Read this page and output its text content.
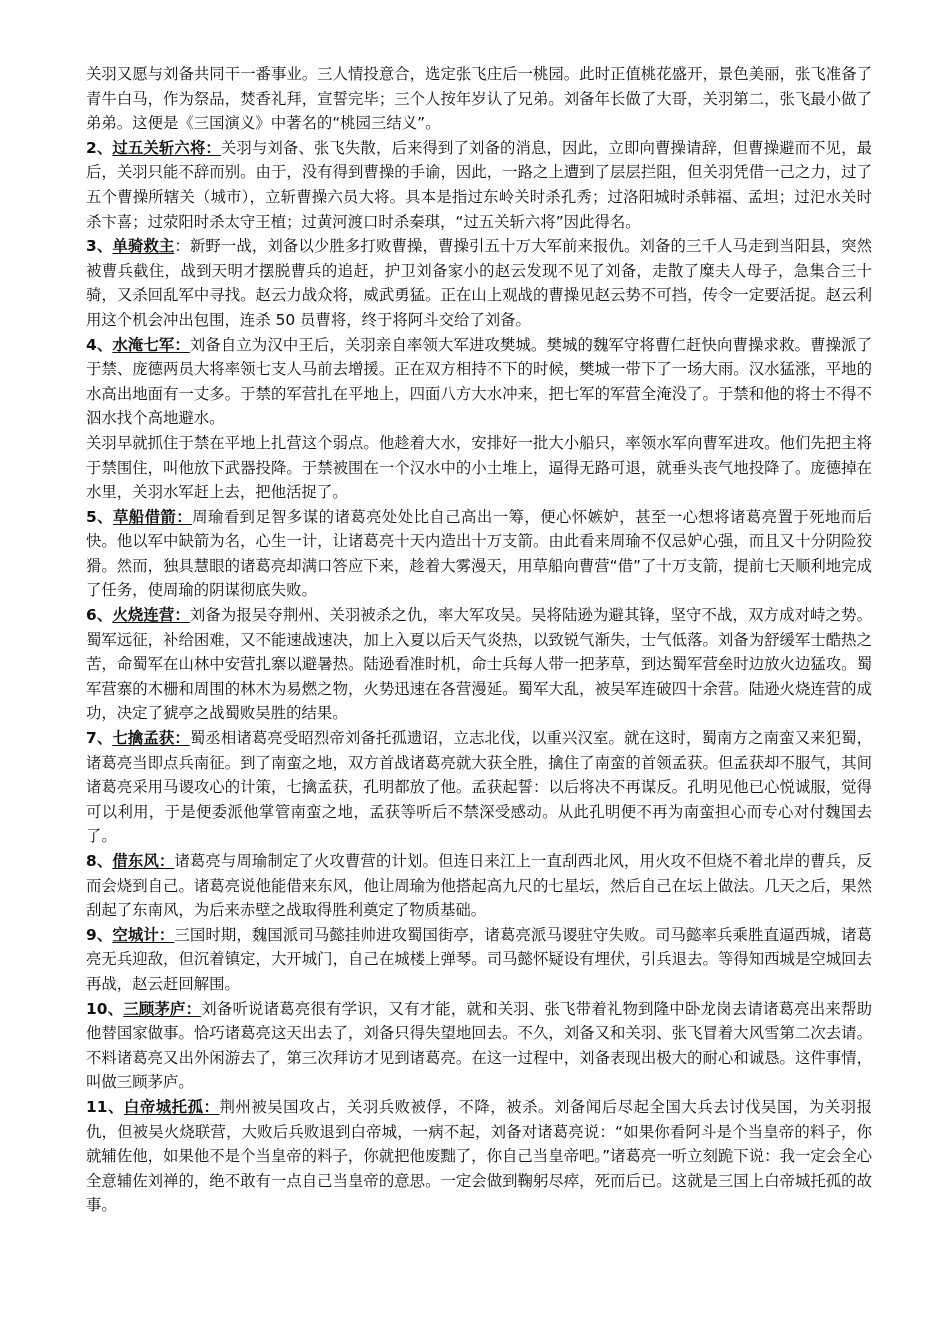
关羽又愿与刘备共同干一番事业。三人情投意合，选定张飞庄后一桃园。此时正值桃花盛开，景色美丽，张飞准备了青牛白马，作为祭品，焚香礼拜，宣誓完毕；三个人按年岁认了兄弟。刘备年长做了大哥，关羽第二，张飞最小做了弟弟。这便是《三国演义》中著名的“桃园三结义”。

2、过五关斩六将：关羽与刘备、张飞失散，后来得到了刘备的消息，因此，立即向曹操请辞，但曹操避而不见，最后，关羽只能不辞而别。由于，没有得到曹操的手谕，因此，一路之上遭到了层层拦阻，但关羽凭借一己之力，过了五个曹操所辖关（城市），立斩曹操六员大将。具本是指过东岭关时杀孔秀；过洛阳城时杀韩福、孟坦；过汜水关时杀卞喜；过荥阳时杀太守王植；过黄河渡口时杀秦琪，“过五关斩六将”因此得名。

3、单骑救主：新野一战，刘备以少胜多打败曹操，曹操引五十万大军前来报仇。刘备的三千人马走到当阳县，突然被曹兵截住，战到天明才摆脱曹兵的追赶，护卫刘备家小的赵云发现不见了刘备，走散了糜夫人母子，急集合三十骑，又杀回乱军中寻找。赵云力战众将，威武勇猛。正在山上观战的曹操见赵云势不可挡，传令一定要活捉。赵云利用这个机会冲出包围，连杀 50 员曹将，终于将阿斗交给了刘备。

4、水淹七军：刘备自立为汉中王后，关羽亲自率领大军进攻樊城。樊城的魏军守将曹仁赶快向曹操求救。曹操派了于禁、庞德两员大将率领七支人马前去增援。正在双方相持不下的时候，樊城一带下了一场大雨。汉水猛涨，平地的水高出地面有一丈多。于禁的军营扎在平地上，四面八方大水冲来，把七军的军营全淹没了。于禁和他的将士不得不泅水找个高地避水。

关羽早就抓住于禁在平地上扎营这个弱点。他趁着大水，安排好一批大小船只，率领水军向曹军进攻。他们先把主将于禁围住，叫他放下武器投降。于禁被围在一个汉水中的小土堆上，逼得无路可退，就垂头丧气地投降了。庞德掉在水里，关羽水军赶上去，把他活捉了。

5、草船借箭：周瑜看到足智多谋的诸葛亮处处比自己高出一筹，便心怀嫉妒，甚至一心想将诸葛亮置于死地而后快。他以军中缺箭为名，心生一计，让诸葛亮十天内造出十万支箭。由此看来周瑜不仅忌妒心强，而且又十分阴险狡猾。然而，独具慧眼的诸葛亮却满口答应下来，趁着大雾漫天，用草船向曹营“借”了十万支箭，提前七天顺利地完成了任务，使周瑜的阴谋彻底失败。

6、火烧连营：刘备为报吴夺荆州、关羽被杀之仇，率大军攻吴。吴将陆逊为避其锋，坚守不战，双方成对峙之势。蜀军远征，补给困难，又不能速战速决，加上入夏以后天气炎热，以致锐气渐失，士气低落。刘备为舒缓军士酷热之苦，命蜀军在山林中安营扎寨以避暑热。陆逊看准时机，命士兵每人带一把茅草，到达蜀军营垒时边放火边猛攻。蜀军营寨的木栅和周围的林木为易燃之物，火势迅速在各营漫延。蜀军大乱，被吴军连破四十余营。陆逊火烧连营的成功，决定了猇亭之战蜀败吴胜的结果。

7、七擒孟获：蜀丞相诸葛亮受昭烈帝刘备托孤遗诏，立志北伐，以重兴汉室。就在这时，蜀南方之南蛮又来犯蜀，诸葛亮当即点兵南征。到了南蛮之地，双方首战诸葛亮就大获全胜，擒住了南蛮的首领孟获。但孟获却不服气，其间诸葛亮采用马谡攻心的计策，七擒孟获，孔明都放了他。孟获起誓：以后将决不再谋反。孔明见他已心悦诚服，觉得可以利用，于是便委派他掌管南蛮之地，孟获等听后不禁深受感动。从此孔明便不再为南蛮担心而专心对付魏国去了。

8、借东风：诸葛亮与周瑜制定了火攻曹营的计划。但连日来江上一直刮西北风，用火攻不但烧不着北岸的曹兵，反而会烧到自己。诸葛亮说他能借来东风，他让周瑜为他搭起高九尺的七星坛，然后自己在坛上做法。几天之后，果然刮起了东南风，为后来赤壁之战取得胜利奠定了物质基础。

9、空城计：三国时期，魏国派司马懿挂帅进攻蜀国街亭，诸葛亮派马谡驻守失败。司马懿率兵乘胜直逼西城，诸葛亮无兵迎敌，但沉着镇定，大开城门，自己在城楼上弹琴。司马懿怀疑设有埋伏，引兵退去。等得知西城是空城回去再战，赵云赶回解围。

10、三顾茅庐：刘备听说诸葛亮很有学识，又有才能，就和关羽、张飞带着礼物到隆中卧龙岗去请诸葛亮出来帮助他替国家做事。恰巧诸葛亮这天出去了，刘备只得失望地回去。不久，刘备又和关羽、张飞冒着大风雪第二次去请。不料诸葛亮又出外闲游去了，第三次拜访才见到诸葛亮。在这一过程中，刘备表现出极大的耐心和诚恳。这件事情，叫做三顾茅庐。

11、白帝城托孤：荆州被吴国攻占，关羽兵败被俘，不降，被杀。刘备闻后尽起全国大兵去讨伐吴国，为关羽报仇，但被吴火烧联营，大败后兵败退到白帝城，一病不起，刘备对诸葛亮说：“如果你看阿斗是个当皇帝的料子，你就辅佐他，如果他不是个当皇帝的料子，你就把他废黜了，你自己当皇帝吧。”诸葛亮一听立刻跪下说：我一定会全心全意辅佐刘禅的，绝不敢有一点自己当皇帝的意思。一定会做到鞠躬尽瘁，死而后已。这就是三国上白帝城托孤的故事。
